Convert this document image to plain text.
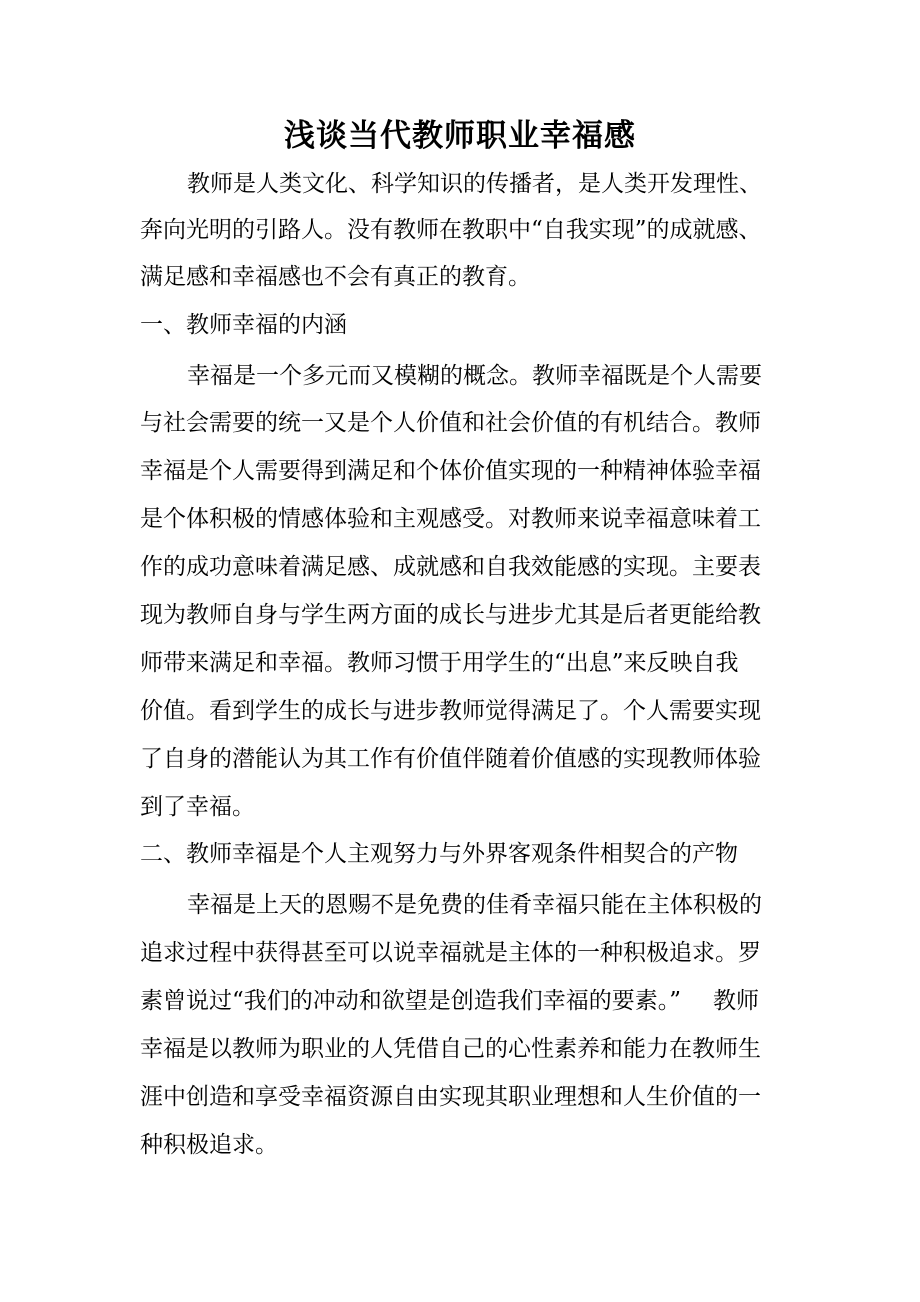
浅谈当代教师职业幸福感
教师是人类文化、科学知识的传播者，是人类开发理性、
奔向光明的引路人。没有教师在教职中“自我实现”的成就感、
满足感和幸福感也不会有真正的教育。
一、教师幸福的内涵
幸福是一个多元而又模糊的概念。教师幸福既是个人需要
与社会需要的统一又是个人价值和社会价值的有机结合。教师
幸福是个人需要得到满足和个体价值实现的一种精神体验幸福
是个体积极的情感体验和主观感受。对教师来说幸福意味着工
作的成功意味着满足感、成就感和自我效能感的实现。主要表
现为教师自身与学生两方面的成长与进步尤其是后者更能给教
师带来满足和幸福。教师习惯于用学生的“出息”来反映自我
价值。看到学生的成长与进步教师觉得满足了。个人需要实现
了自身的潜能认为其工作有价值伴随着价值感的实现教师体验
到了幸福。
二、教师幸福是个人主观努力与外界客观条件相契合的产物
幸福是上天的恩赐不是免费的佳肴幸福只能在主体积极的
追求过程中获得甚至可以说幸福就是主体的一种积极追求。罗
素曾说过“我们的冲动和欲望是创造我们幸福的要素。” 教师
幸福是以教师为职业的人凭借自己的心性素养和能力在教师生
涯中创造和享受幸福资源自由实现其职业理想和人生价值的一
种积极追求。
